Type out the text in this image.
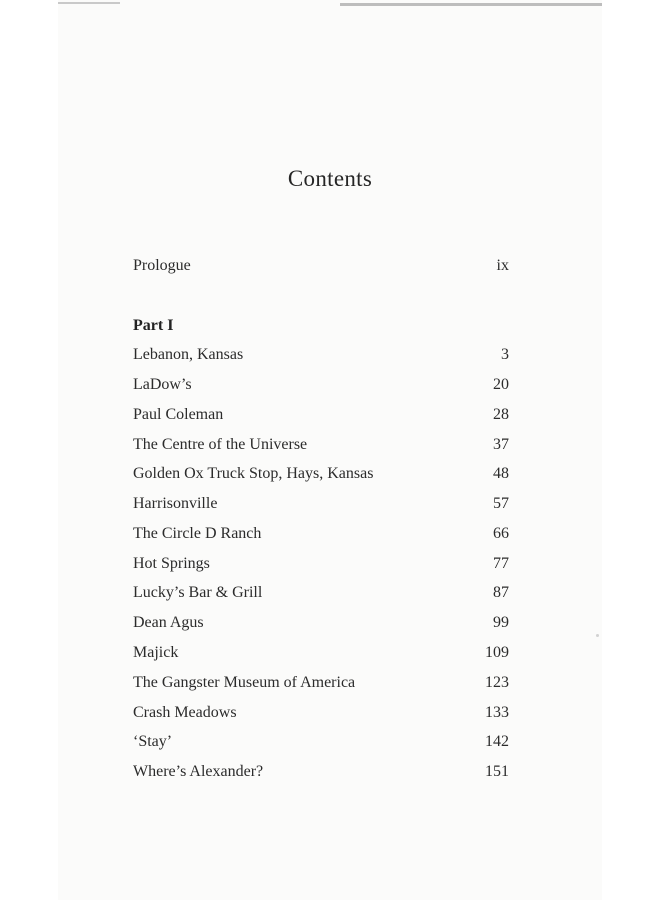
Contents
Prologue	ix
Part I
Lebanon, Kansas	3
LaDow’s	20
Paul Coleman	28
The Centre of the Universe	37
Golden Ox Truck Stop, Hays, Kansas	48
Harrisonville	57
The Circle D Ranch	66
Hot Springs	77
Lucky’s Bar & Grill	87
Dean Agus	99
Majick	109
The Gangster Museum of America	123
Crash Meadows	133
‘Stay’	142
Where’s Alexander?	151
